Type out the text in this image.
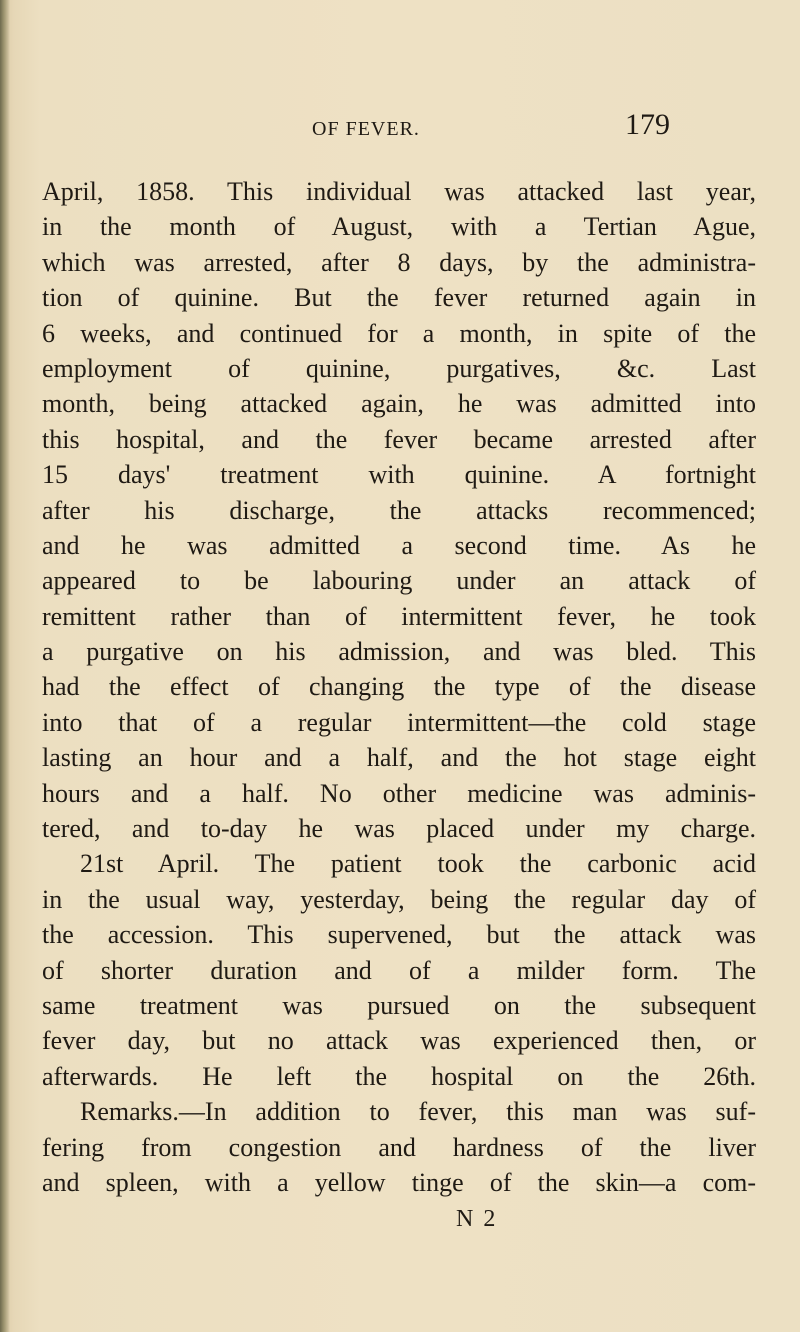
OF FEVER.	179
April, 1858. This individual was attacked last year,
in the month of August, with a Tertian Ague,
which was arrested, after 8 days, by the administra-
tion of quinine. But the fever returned again in
6 weeks, and continued for a month, in spite of the
employment of quinine, purgatives, &c. Last
month, being attacked again, he was admitted into
this hospital, and the fever became arrested after
15 days' treatment with quinine. A fortnight
after his discharge, the attacks recommenced;
and he was admitted a second time. As he
appeared to be labouring under an attack of
remittent rather than of intermittent fever, he took
a purgative on his admission, and was bled. This
had the effect of changing the type of the disease
into that of a regular intermittent—the cold stage
lasting an hour and a half, and the hot stage eight
hours and a half. No other medicine was adminis-
tered, and to-day he was placed under my charge.
21st April. The patient took the carbonic acid
in the usual way, yesterday, being the regular day of
the accession. This supervened, but the attack was
of shorter duration and of a milder form. The
same treatment was pursued on the subsequent
fever day, but no attack was experienced then, or
afterwards. He left the hospital on the 26th.
Remarks.—In addition to fever, this man was suf-
fering from congestion and hardness of the liver
and spleen, with a yellow tinge of the skin—a com-
N 2
